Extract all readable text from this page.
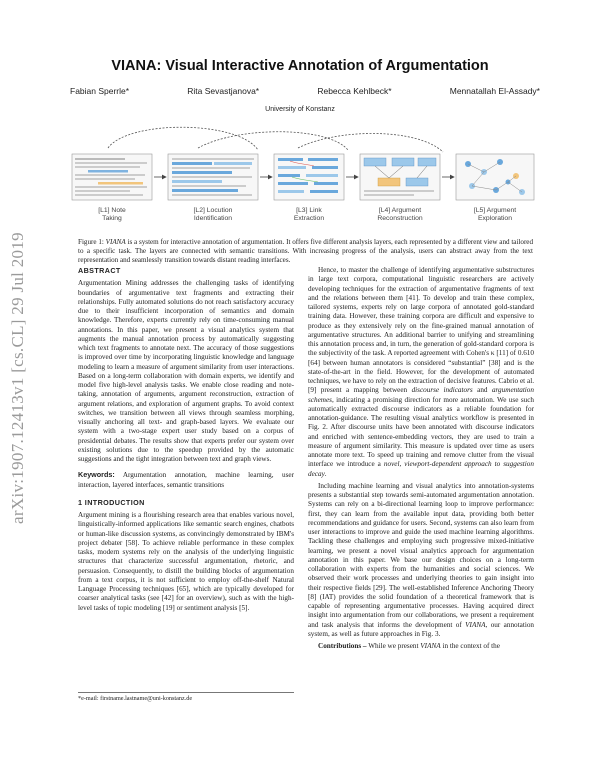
arXiv:1907.12413v1 [cs.CL] 29 Jul 2019
VIANA: Visual Interactive Annotation of Argumentation
Fabian Sperrle*	Rita Sevastjanova*	Rebecca Kehlbeck*	Mennatallah El-Assady*
University of Konstanz
[L1] Note
Taking
[L2] Locution
Identification
[L3] Link
Extraction
[L4] Argument
Reconstruction
[L5] Argument
Exploration
Figure 1: VIANA is a system for interactive annotation of argumentation. It offers five different analysis layers, each represented by a different view and tailored to a specific task. The layers are connected with semantic transitions. With increasing progress of the analysis, users can abstract away from the text representation and seamlessly transition towards distant reading interfaces.
ABSTRACT

Argumentation Mining addresses the challenging tasks of identifying boundaries of argumentative text fragments and extracting their relationships. Fully automated solutions do not reach satisfactory accuracy due to their insufficient incorporation of semantics and domain knowledge. Therefore, experts currently rely on time-consuming manual annotations. In this paper, we present a visual analytics system that augments the manual annotation process by automatically suggesting which text fragments to annotate next. The accuracy of those suggestions is improved over time by incorporating linguistic knowledge and language modeling to learn a measure of argument similarity from user interactions. Based on a long-term collaboration with domain experts, we identify and model five high-level analysis tasks. We enable close reading and note-taking, annotation of arguments, argument reconstruction, extraction of argument relations, and exploration of argument graphs. To avoid context switches, we transition between all views through seamless morphing, visually anchoring all text- and graph-based layers. We evaluate our system with a two-stage expert user study based on a corpus of presidential debates. The results show that experts prefer our system over existing solutions due to the speedup provided by the automatic suggestions and the tight integration between text and graph views.

Keywords: Argumentation annotation, machine learning, user interaction, layered interfaces, semantic transitions

1 INTRODUCTION

Argument mining is a flourishing research area that enables various novel, linguistically-informed applications like semantic search engines, chatbots or human-like discussion systems, as convincingly demonstrated by IBM's project debater [58]. To achieve reliable performance in these complex tasks, modern systems rely on the analysis of the underlying linguistic structures that characterize successful argumentation, rhetoric, and persuasion. Consequently, to distill the building blocks of argumentation from a text corpus, it is not sufficient to employ off-the-shelf Natural Language Processing techniques [65], which are typically developed for coarser analytical tasks (see [42] for an overview), such as with the high-level tasks of topic modeling [19] or sentiment analysis [5].

*e-mail: firstname.lastname@uni-konstanz.de

Hence, to master the challenge of identifying argumentative substructures in large text corpora, computational linguistic researchers are actively developing techniques for the extraction of argumentative fragments of text and the relations between them [41]. To develop and train these complex, tailored systems, experts rely on large corpora of annotated gold-standard training data. However, these training corpora are difficult and expensive to produce as they extensively rely on the fine-grained manual annotation of argumentative structures. An additional barrier to unifying and streamlining this annotation process and, in turn, the generation of gold-standard corpora is the subjectivity of the task. A reported agreement with Cohen's κ [11] of 0.610 [64] between human annotators is considered “substantial” [38] and is the state-of-the-art in the field. However, for the development of automated techniques, we have to rely on the extraction of decisive features. Cabrio et al. [9] present a mapping between discourse indicators and argumentation schemes, indicating a promising direction for more automation. We use such automatically extracted discourse indicators as a reliable foundation for annotation-guidance. The resulting visual analytics workflow is presented in Fig. 2. After discourse units have been annotated with discourse indicators and enriched with sentence-embedding vectors, they are used to train a measure of argument similarity. This measure is updated over time as users annotate more text. To speed up training and remove clutter from the visual interface we introduce a novel, viewport-dependent approach to suggestion decay.

Including machine learning and visual analytics into annotation-systems presents a substantial step towards semi-automated argumentation annotation. Systems can rely on a bi-directional learning loop to improve performance: first, they can learn from the available input data, providing both better recommendations and guidance for users. Second, systems can also learn from user interactions to improve and guide the used machine learning algorithms. Tackling these challenges and employing such progressive mixed-initiative learning, we present a novel visual analytics approach for argumentation annotation in this paper. We base our design choices on a long-term collaboration with experts from the humanities and social sciences. We observed their work processes and underlying theories to gain insight into their respective fields [29]. The well-established Inference Anchoring Theory [8] (IAT) provides the solid foundation of a theoretical framework that is capable of representing argumentative processes. Having acquired direct insight into argumentation from our collaborations, we present a requirement and task analysis that informs the development of VIANA, our annotation system, as well as future approaches in Fig. 3.

Contributions – While we present VIANA in the context of the
